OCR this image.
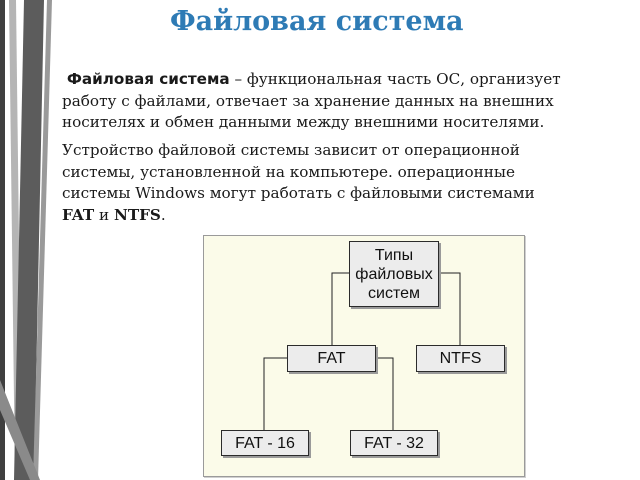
Файловая система
Файловая система – функциональная часть ОС, организует
работу с файлами, отвечает за хранение данных на внешних
носителях и обмен данными между внешними носителями.
Устройство файловой системы зависит от операционной
системы, установленной на компьютере. операционные
системы Windows могут работать с файловыми системами
FAT и NTFS.
Типы
файловых
систем
FAT	NTFS
FAT - 16	FAT - 32
